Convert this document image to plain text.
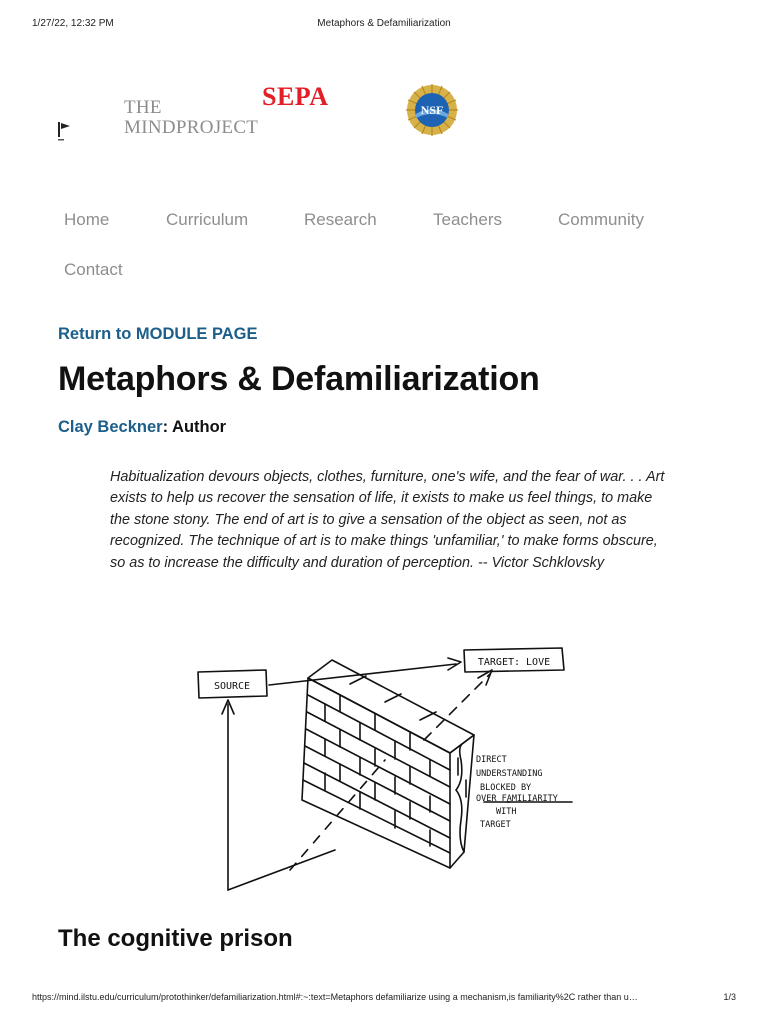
1/27/22, 12:32 PM	Metaphors & Defamiliarization
THE
MINDPROJECT
SEPA	NSF
Home	Curriculum	Research	Teachers	Community
Contact
Return to MODULE PAGE
Metaphors & Defamiliarization
Clay Beckner: Author
Habitualization devours objects, clothes, furniture, one's wife, and the fear of war. . . Art exists to help us recover the sensation of life, it exists to make us feel things, to make the stone stony. The end of art is to give a sensation of the object as seen, not as recognized. The technique of art is to make things 'unfamiliar,' to make forms obscure, so as to increase the difficulty and duration of perception. -- Victor Schklovsky
SOURCE
TARGET: LOVE
DIRECT
UNDERSTANDING
BLOCKED BY
OVER FAMILIARITY
WITH
TARGET
The cognitive prison
https://mind.ilstu.edu/curriculum/protothinker/defamiliarization.html#:~:text=Metaphors defamiliarize using a mechanism,is familiarity%2C rather than u…	1/3
